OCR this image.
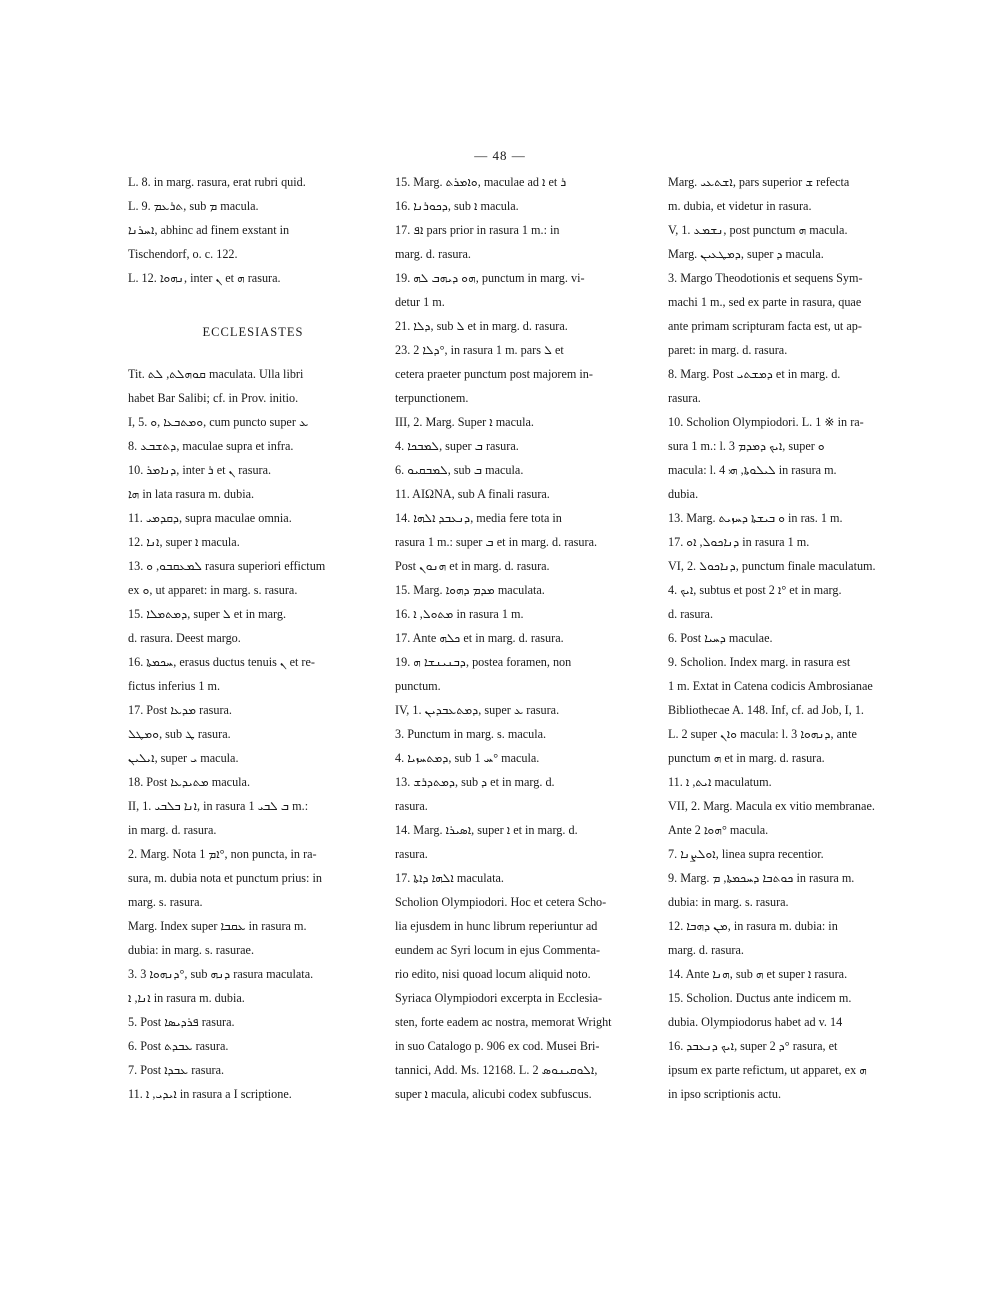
— 48 —
L. 8. in marg. rasura, erat rubri quid.
L. 9. ܬܪܥܡ, sub ܡ macula.
ܐܚܪܢܐ, abhinc ad finem exstant in
Tischendorf, o. c. 122.
L. 12. ܢܗܘܐ, inter ܢ et ܗ rasura.
ECCLESIASTES
Tit. ܩܘܗܠܬ, ܠܬ maculata. Ulla libri
habet Bar Salibi; cf. in Prov. initio.
I, 5. ܘܡܬܒܥܐ ,ܘ, cum puncto super ܥ
8. ܕܬܫܒܥ, maculae supra et infra.
10. ܕܢܐܡܪ, inter ܪ et ܢ rasura.
ܗܐ in lata rasura m. dubia.
11. ܕܩܕܡܝ, supra maculae omnia.
12. ܐܢܐ, super ܐ macula.
13. ܠܡܥܩܒܘ, ܘ rasura superiori effictum
ex ܘ, ut apparet: in marg. s. rasura.
15. ܕܡܬܡܠܐ, super ܠ et in marg.
d. rasura. Deest margo.
16. ܚܟܡܬܐ, erasus ductus tenuis ܢ et re-
fictus inferius 1 m.
17. Post ܡܕܥܐ rasura.
ܘܡܛܠ, sub ܛ rasura.
ܐܝܠܝܢ, super ܝ macula.
18. Post ܡܬܝܕܥܐ macula.
II, 1. ܐܢܐ ܒܠܒܝ, in rasura ܒ ܠܒܝ 1 m.:
in marg. d. rasura.
2. Marg. Nota ܐܡ 1°, non puncta, in ra-
sura, m. dubia nota et punctum prius: in
marg. s. rasura.
Marg. Index super ܥܩܒܐ in rasura m.
dubia: in marg. s. rasurae.
3. ܕܢܗܘܐ 3°, sub ܕܢܗ rasura maculata.
ܐܢܐ, ܐ in rasura m. dubia.
5. Post ܦܪܕܝܣܐ rasura.
6. Post ܥܒܕܬ rasura.
7. Post ܥܒܕܐ rasura.
11. ܐܝܕܝ, ܐ in rasura a I scriptione.
15. Marg. ܘܐܡܪܬ, maculae ad ܐ et ܪ
16. ܕܟܘܪܢܐ, sub ܐ macula.
17. ܐܦ pars prior in rasura 1 m.: in
marg. d. rasura.
19. ܗܘ ܕܝܗܒ ܠܗ, punctum in marg. vi-
detur 1 m.
21. ܕܠܐ, sub ܠ et in marg. d. rasura.
23. ܕܠܐ 2°, in rasura 1 m. pars ܠ et
cetera praeter punctum post majorem in-
terpunctionem.
III, 2. Marg. Super ܐ macula.
4. ܠܡܒܟܐ, super ܒ rasura.
6. ܠܡܒܩܝܘ, sub ܒ macula.
11. AIΩNA, sub A finali rasura.
14. ܕܢܥܒܕ ܐܠܗܐ, media fere tota in
rasura 1 m.: super ܒ et in marg. d. rasura.
Post ܗܢܘܢ et in marg. d. rasura.
15. Marg. ܡܕܡ ܕܗܘܐ maculata.
16. ܡܬܘܠ, ܐ in rasura 1 m.
17. Ante ܟܠܗ et in marg. d. rasura.
19. ܕܒܢܝܢܫܐ ܗ, postea foramen, non
punctum.
IV, 1. ܕܡܬܥܒܕܝܢ, super ܥ rasura.
3. Punctum in marg. s. macula.
4. ܕܡܬܚܙܝܐ, sub ܚ 1° macula.
13. ܕܡܬܕܪܫ, sub ܕ et in marg. d.
rasura.
14. Marg. ܐܣܝܪܐ, super ܐ et in marg. d.
rasura.
17. ܐܠܗܐ ܕܐܬܐ maculata.
Scholion Olympiodori. Hoc et cetera Scho-
lia ejusdem in hunc librum reperiuntur ad
eundem ac Syri locum in ejus Commenta-
rio edito, nisi quoad locum aliquid noto.
Syriaca Olympiodori excerpta in Ecclesia-
sten, forte eadem ac nostra, memorat Wright
in suo Catalogo p. 906 ex cod. Musei Bri-
tannici, Add. Ms. 12168. L. 2 ܐܠܘܩܝܢܘܣ,
super ܐ macula, alicubi codex subfuscus.
Marg. ܐܫܬܥܝ, pars superior ܫ refecta
m. dubia, et videtur in rasura.
V, 1. ܢܫܡܥ, post punctum ܗ macula.
Marg. ܕܡܛܥܝܢ, super ܕ macula.
3. Margo Theodotionis et sequens Sym-
machi 1 m., sed ex parte in rasura, quae
ante primam scripturam facta est, ut ap-
paret: in marg. d. rasura.
8. Marg. Post ܕܡܫܬܝ et in marg. d.
rasura.
10. Scholion Olympiodori. L. 1 ※ in ra-
sura 1 m.: l. 3 ܐܝܟ ܕܡܕܡ, super ܘ
macula: l. 4 ܠܝܠܘܬܐ, ܗܝ in rasura m.
dubia.
13. Marg. ܘ ܒܝܫܬܐ ܕܚܙܝܬ in ras. 1 m.
17. ܕܢܐܟܘܠ, ܐܘ in rasura 1 m.
VI, 2. ܕܢܐܟܘܠ, punctum finale maculatum.
4. ܐܝܟ, subtus et post ܐ 2° et in marg.
d. rasura.
6. Post ܕܚܝܐ maculae.
9. Scholion. Index marg. in rasura est
1 m. Extat in Catena codicis Ambrosianae
Bibliothecae A. 148. Inf, cf. ad Job, I, 1.
L. 2 super ܘܐܢ macula: l. 3 ܕܢܗܘܐ, ante
punctum ܗ et in marg. d. rasura.
11. ܐܝܬ, ܐ maculatum.
VII, 2. Marg. Macula ex vitio membranae.
Ante ܗܘܐ 2° macula.
7. ܐܘܠܨܢܐ, linea supra recentior.
9. Marg. ܟܘܬܒܐ ܕܚܟܡܬܐ, ܡ in rasura m.
dubia: in marg. s. rasura.
12. ܡܢ ܕܗܒܐ, in rasura m. dubia: in
marg. d. rasura.
14. Ante ܗܢܐ, sub ܗ et super ܐ rasura.
15. Scholion. Ductus ante indicem m.
dubia. Olympiodorus habet ad v. 14
16. ܐܝܟ ܕܢܥܒܕ, super ܕ 2° rasura, et
ipsum ex parte refictum, ut apparet, ex ܗ
in ipso scriptionis actu.
